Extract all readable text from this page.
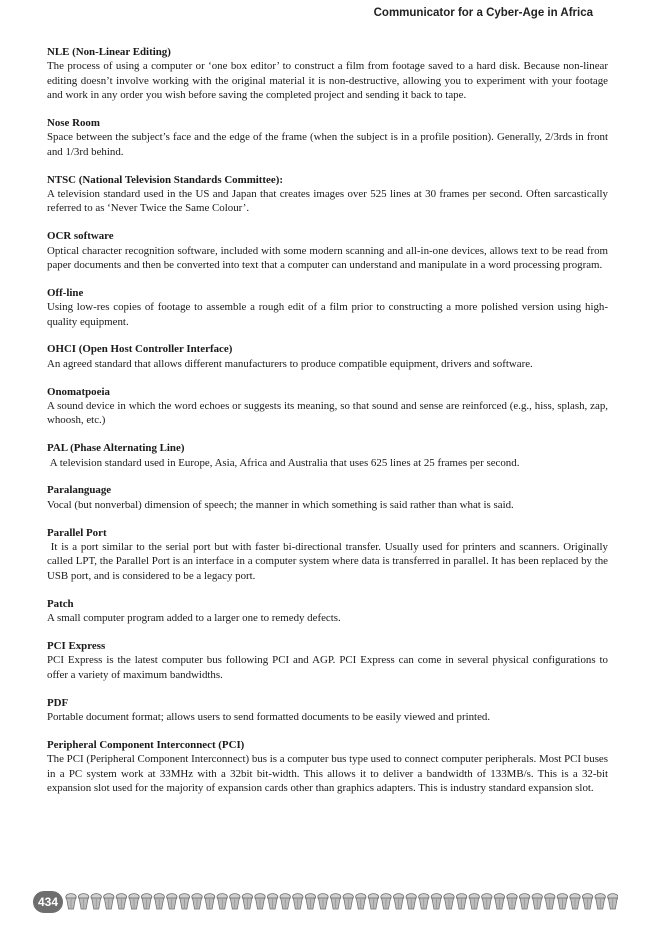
Communicator for a Cyber-Age in Africa

NLE (Non-Linear Editing)

The process of using a computer or ‘one box editor’ to construct a film from footage saved to a hard disk. Because non-linear editing doesn’t involve working with the original material it is non-destructive, allowing you to experiment with your footage and work in any order you wish before saving the completed project and sending it back to tape.

Nose Room

Space between the subject’s face and the edge of the frame (when the subject is in a profile position). Generally, 2/3rds in front and 1/3rd behind.

NTSC (National Television Standards Committee):

A television standard used in the US and Japan that creates images over 525 lines at 30 frames per second. Often sarcastically referred to as ‘Never Twice the Same Colour’.

OCR software

Optical character recognition software, included with some modern scanning and all-in-one devices, allows text to be read from paper documents and then be converted into text that a computer can understand and manipulate in a word processing program.

Off-line

Using low-res copies of footage to assemble a rough edit of a film prior to constructing a more polished version using high-quality equipment.

OHCI (Open Host Controller Interface)

An agreed standard that allows different manufacturers to produce compatible equipment, drivers and software.

Onomatpoeia

A sound device in which the word echoes or suggests its meaning, so that sound and sense are reinforced (e.g., hiss, splash, zap, whoosh, etc.)

PAL (Phase Alternating Line)

A television standard used in Europe, Asia, Africa and Australia that uses 625 lines at 25 frames per second.

Paralanguage

Vocal (but nonverbal) dimension of speech; the manner in which something is said rather than what is said.

Parallel Port

It is a port similar to the serial port but with faster bi-directional transfer. Usually used for printers and scanners. Originally called LPT, the Parallel Port is an interface in a computer system where data is transferred in parallel. It has been replaced by the USB port, and is considered to be a legacy port.

Patch

A small computer program added to a larger one to remedy defects.

PCI Express

PCI Express is the latest computer bus following PCI and AGP. PCI Express can come in several physical configurations to offer a variety of maximum bandwidths.

PDF

Portable document format; allows users to send formatted documents to be easily viewed and printed.

Peripheral Component Interconnect (PCI)

The PCI (Peripheral Component Interconnect) bus is a computer bus type used to connect computer peripherals. Most PCI buses in a PC system work at 33MHz with a 32bit bit-width. This allows it to deliver a bandwidth of 133MB/s. This is a 32-bit expansion slot used for the majority of expansion cards other than graphics adapters. This is industry standard expansion slot.

434
